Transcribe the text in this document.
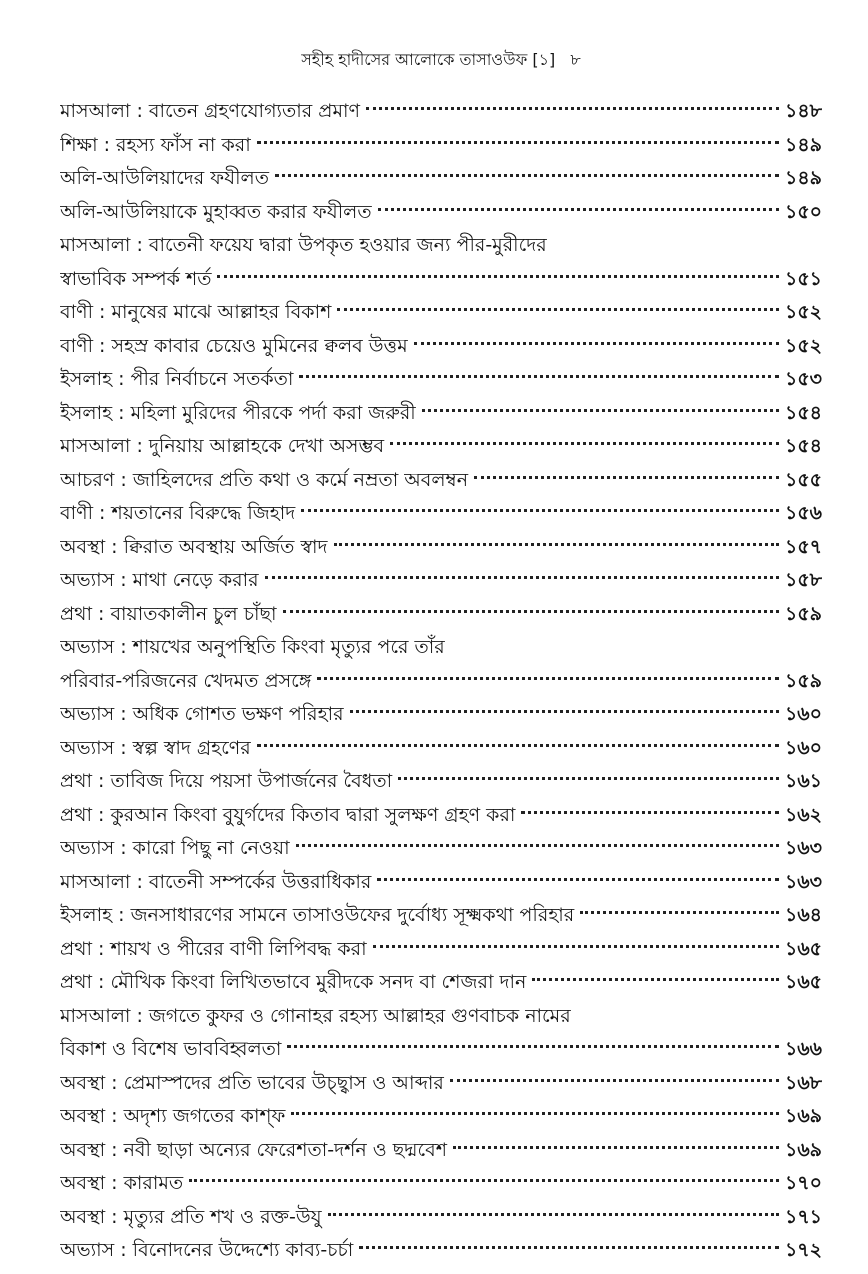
সহীহ হাদীসের আলোকে তাসাওউফ [১] ৮
মাসআলা : বাতেন গ্রহণযোগ্যতার প্রমাণ	১৪৮
শিক্ষা : রহস্য ফাঁস না করা	১৪৯
অলি-আউলিয়াদের ফযীলত	১৪৯
অলি-আউলিয়াকে মুহাব্বত করার ফযীলত	১৫০
মাসআলা : বাতেনী ফয়েয দ্বারা উপকৃত হওয়ার জন্য পীর-মুরীদের
স্বাভাবিক সম্পর্ক শর্ত	১৫১
বাণী : মানুষের মাঝে আল্লাহর বিকাশ	১৫২
বাণী : সহস্র কাবার চেয়েও মুমিনের ক্বলব উত্তম	১৫২
ইসলাহ : পীর নির্বাচনে সতর্কতা	১৫৩
ইসলাহ : মহিলা মুরিদের পীরকে পর্দা করা জরুরী	১৫৪
মাসআলা : দুনিয়ায় আল্লাহকে দেখা অসম্ভব	১৫৪
আচরণ : জাহিলদের প্রতি কথা ও কর্মে নম্রতা অবলম্বন	১৫৫
বাণী : শয়তানের বিরুদ্ধে জিহাদ	১৫৬
অবস্থা : ক্বিরাত অবস্থায় অর্জিত স্বাদ	১৫৭
অভ্যাস : মাথা নেড়ে করার	১৫৮
প্রথা : বায়াতকালীন চুল চাঁছা	১৫৯
অভ্যাস : শায়খের অনুপস্থিতি কিংবা মৃত্যুর পরে তাঁর
পরিবার-পরিজনের খেদমত প্রসঙ্গে	১৫৯
অভ্যাস : অধিক গোশত ভক্ষণ পরিহার	১৬০
অভ্যাস : স্বল্প স্বাদ গ্রহণের	১৬০
প্রথা : তাবিজ দিয়ে পয়সা উপার্জনের বৈধতা	১৬১
প্রথা : কুরআন কিংবা বুযুর্গদের কিতাব দ্বারা সুলক্ষণ গ্রহণ করা	১৬২
অভ্যাস : কারো পিছু না নেওয়া	১৬৩
মাসআলা : বাতেনী সম্পর্কের উত্তরাধিকার	১৬৩
ইসলাহ : জনসাধারণের সামনে তাসাওউফের দুর্বোধ্য সূক্ষ্মকথা পরিহার	১৬৪
প্রথা : শায়খ ও পীরের বাণী লিপিবদ্ধ করা	১৬৫
প্রথা : মৌখিক কিংবা লিখিতভাবে মুরীদকে সনদ বা শেজরা দান	১৬৫
মাসআলা : জগতে কুফর ও গোনাহর রহস্য আল্লাহর গুণবাচক নামের
বিকাশ ও বিশেষ ভাববিহ্বলতা	১৬৬
অবস্থা : প্রেমাস্পদের প্রতি ভাবের উচ্ছ্বাস ও আব্দার	১৬৮
অবস্থা : অদৃশ্য জগতের কাশ্‌ফ	১৬৯
অবস্থা : নবী ছাড়া অন্যের ফেরেশতা-দর্শন ও ছদ্মবেশ	১৬৯
অবস্থা : কারামত	১৭০
অবস্থা : মৃত্যুর প্রতি শখ ও রক্ত-উযু	১৭১
অভ্যাস : বিনোদনের উদ্দেশ্যে কাব্য-চর্চা	১৭২
